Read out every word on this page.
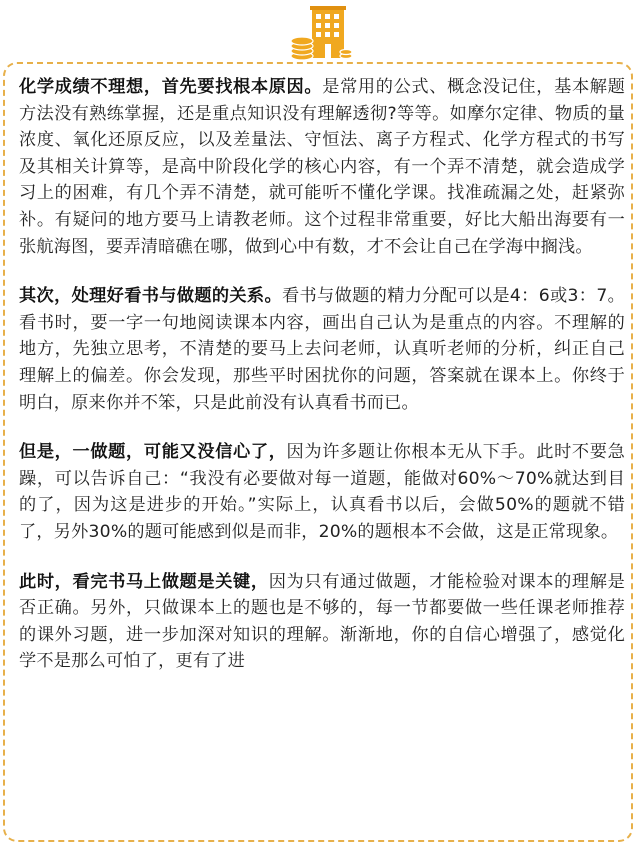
化学成绩不理想，首先要找根本原因。是常用的公式、概念没记住，基本解题方法没有熟练掌握，还是重点知识没有理解透彻?等等。如摩尔定律、物质的量浓度、氧化还原反应，以及差量法、守恒法、离子方程式、化学方程式的书写及其相关计算等，是高中阶段化学的核心内容，有一个弄不清楚，就会造成学习上的困难，有几个弄不清楚，就可能听不懂化学课。找准疏漏之处，赶紧弥补。有疑问的地方要马上请教老师。这个过程非常重要，好比大船出海要有一张航海图，要弄清暗礁在哪，做到心中有数，才不会让自己在学海中搁浅。

其次，处理好看书与做题的关系。看书与做题的精力分配可以是4：6或3：7。看书时，要一字一句地阅读课本内容，画出自己认为是重点的内容。不理解的地方，先独立思考，不清楚的要马上去问老师，认真听老师的分析，纠正自己理解上的偏差。你会发现，那些平时困扰你的问题，答案就在课本上。你终于明白，原来你并不笨，只是此前没有认真看书而已。

但是，一做题，可能又没信心了，因为许多题让你根本无从下手。此时不要急躁，可以告诉自己：“我没有必要做对每一道题，能做对60%～70%就达到目的了，因为这是进步的开始。”实际上，认真看书以后，会做50%的题就不错了，另外30%的题可能感到似是而非，20%的题根本不会做，这是正常现象。

此时，看完书马上做题是关键，因为只有通过做题，才能检验对课本的理解是否正确。另外，只做课本上的题也是不够的，每一节都要做一些任课老师推荐的课外习题，进一步加深对知识的理解。渐渐地，你的自信心增强了，感觉化学不是那么可怕了，更有了进
